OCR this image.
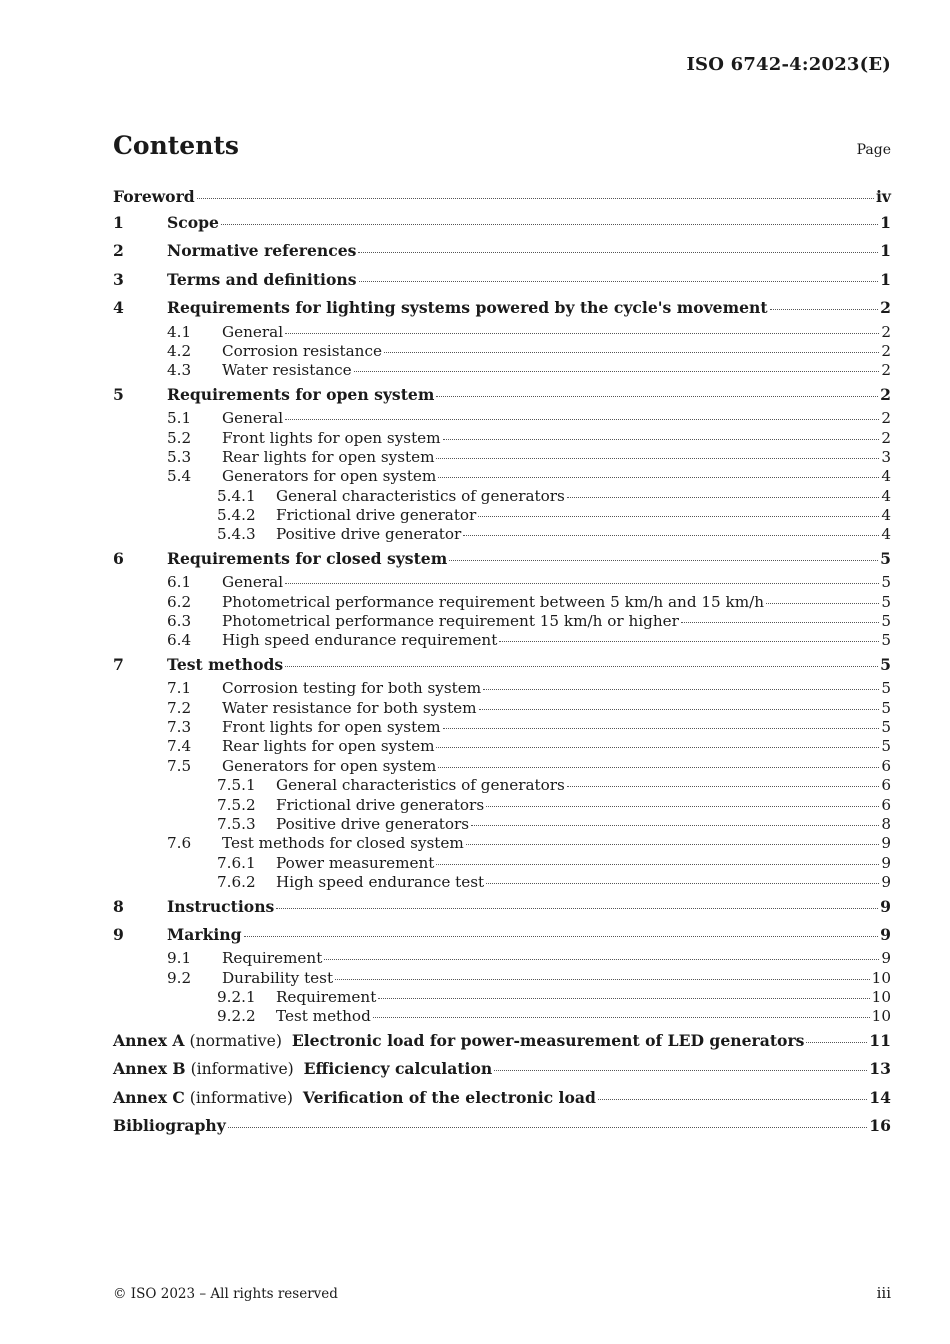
ISO 6742-4:2023(E)
Contents	Page
Foreword	iv
1	Scope	1
2	Normative references	1
3	Terms and definitions	1
4	Requirements for lighting systems powered by the cycle's movement	2
4.1	General	2
4.2	Corrosion resistance	2
4.3	Water resistance	2
5	Requirements for open system	2
5.1	General	2
5.2	Front lights for open system	2
5.3	Rear lights for open system	3
5.4	Generators for open system	4
5.4.1	General characteristics of generators	4
5.4.2	Frictional drive generator	4
5.4.3	Positive drive generator	4
6	Requirements for closed system	5
6.1	General	5
6.2	Photometrical performance requirement between 5 km/h and 15 km/h	5
6.3	Photometrical performance requirement 15 km/h or higher	5
6.4	High speed endurance requirement	5
7	Test methods	5
7.1	Corrosion testing for both system	5
7.2	Water resistance for both system	5
7.3	Front lights for open system	5
7.4	Rear lights for open system	5
7.5	Generators for open system	6
7.5.1	General characteristics of generators	6
7.5.2	Frictional drive generators	6
7.5.3	Positive drive generators	8
7.6	Test methods for closed system	9
7.6.1	Power measurement	9
7.6.2	High speed endurance test	9
8	Instructions	9
9	Marking	9
9.1	Requirement	9
9.2	Durability test	10
9.2.1	Requirement	10
9.2.2	Test method	10
Annex A (normative)  Electronic load for power-measurement of LED generators	11
Annex B (informative)  Efficiency calculation	13
Annex C (informative)  Verification of the electronic load	14
Bibliography	16
© ISO 2023 – All rights reserved	iii
